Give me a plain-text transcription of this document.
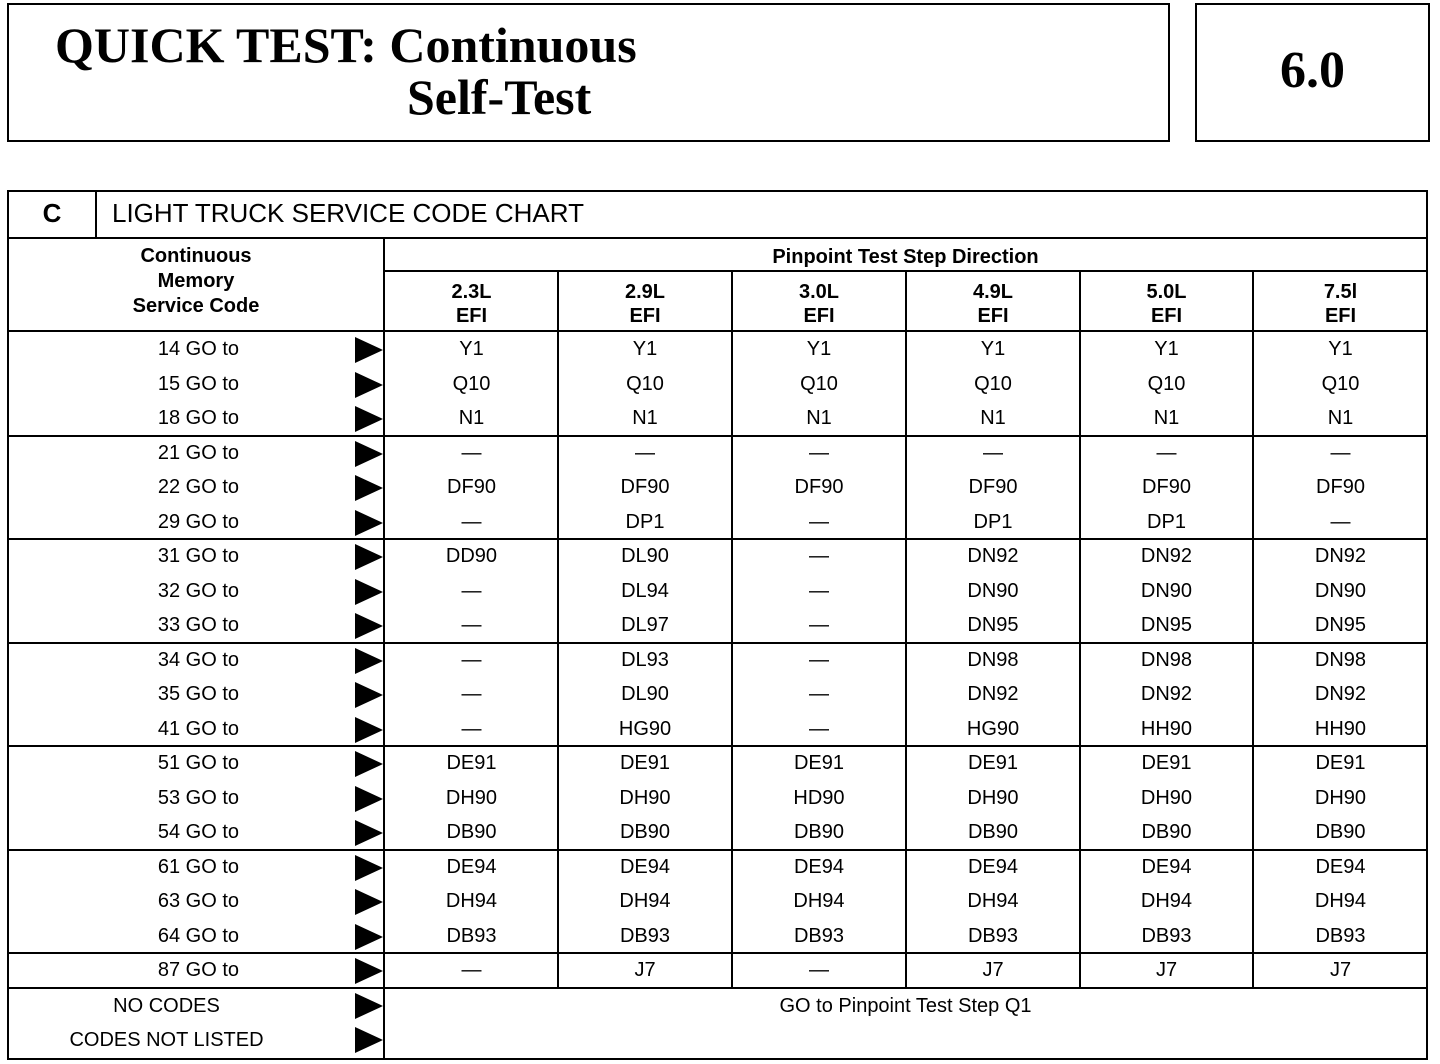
QUICK TEST: Continuous
Self-Test	6.0
C	LIGHT TRUCK SERVICE CODE CHART
Continuous
Memory
Service Code
Pinpoint Test Step Direction
2.3L
EFI
2.9L
EFI
3.0L
EFI
4.9L
EFI
5.0L
EFI
7.5l
EFI
14 GO to	Y1	Y1	Y1	Y1	Y1	Y1
15 GO to	Q10	Q10	Q10	Q10	Q10	Q10
18 GO to	N1	N1	N1	N1	N1	N1
21 GO to	—	—	—	—	—	—
22 GO to	DF90	DF90	DF90	DF90	DF90	DF90
29 GO to	—	DP1	—	DP1	DP1	—
31 GO to	DD90	DL90	—	DN92	DN92	DN92
32 GO to	—	DL94	—	DN90	DN90	DN90
33 GO to	—	DL97	—	DN95	DN95	DN95
34 GO to	—	DL93	—	DN98	DN98	DN98
35 GO to	—	DL90	—	DN92	DN92	DN92
41 GO to	—	HG90	—	HG90	HH90	HH90
51 GO to	DE91	DE91	DE91	DE91	DE91	DE91
53 GO to	DH90	DH90	HD90	DH90	DH90	DH90
54 GO to	DB90	DB90	DB90	DB90	DB90	DB90
61 GO to	DE94	DE94	DE94	DE94	DE94	DE94
63 GO to	DH94	DH94	DH94	DH94	DH94	DH94
64 GO to	DB93	DB93	DB93	DB93	DB93	DB93
87 GO to	—	J7	—	J7	J7	J7
NO CODES
CODES NOT LISTED
GO to Pinpoint Test Step Q1
